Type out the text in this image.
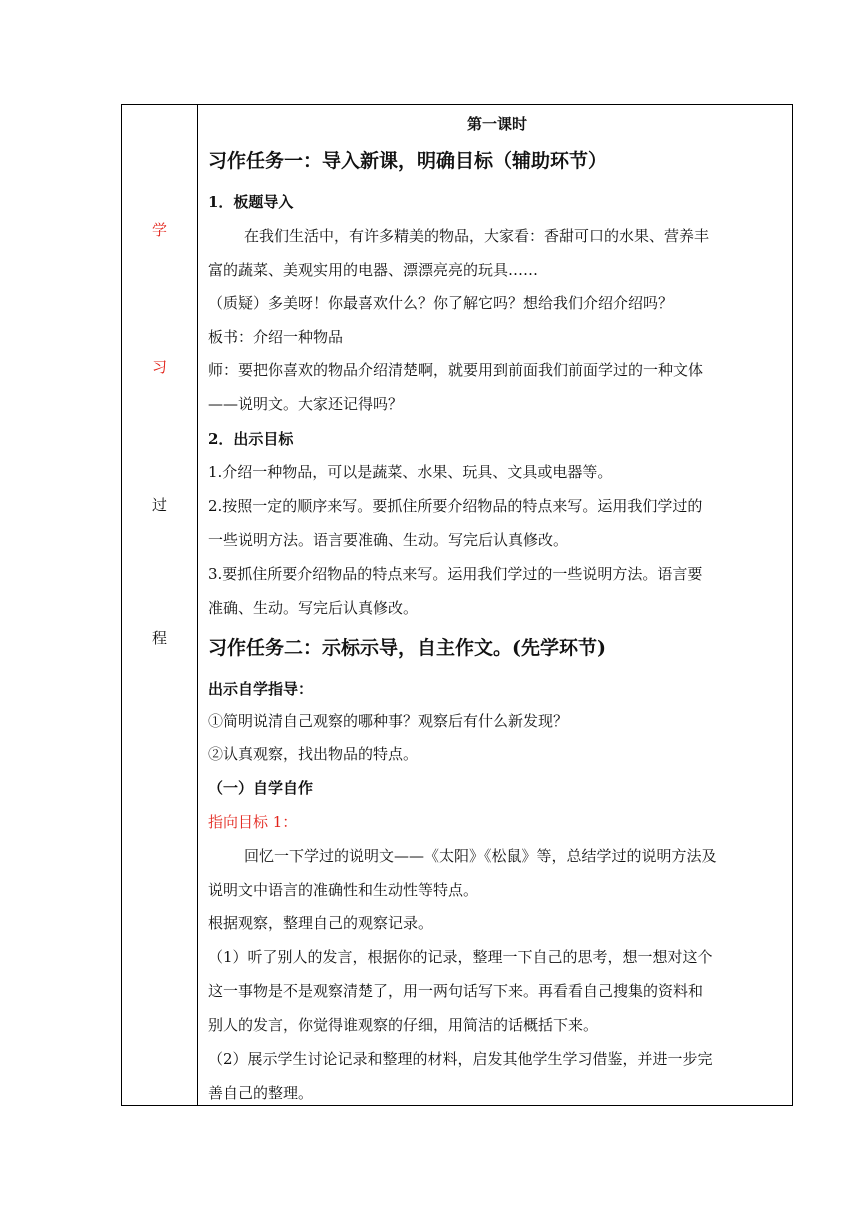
学
习
过
程
第一课时
习作任务一：导入新课，明确目标（辅助环节）
1．板题导入
在我们生活中，有许多精美的物品，大家看：香甜可口的水果、营养丰
富的蔬菜、美观实用的电器、漂漂亮亮的玩具……
（质疑）多美呀！你最喜欢什么？你了解它吗？想给我们介绍介绍吗？
板书：介绍一种物品
师：要把你喜欢的物品介绍清楚啊，就要用到前面我们前面学过的一种文体
——说明文。大家还记得吗？
2．出示目标
1.介绍一种物品，可以是蔬菜、水果、玩具、文具或电器等。
2.按照一定的顺序来写。要抓住所要介绍物品的特点来写。运用我们学过的
一些说明方法。语言要准确、生动。写完后认真修改。
3.要抓住所要介绍物品的特点来写。运用我们学过的一些说明方法。语言要
准确、生动。写完后认真修改。
习作任务二：示标示导，自主作文。(先学环节)
出示自学指导：
①简明说清自己观察的哪种事？观察后有什么新发现？
②认真观察，找出物品的特点。
（一）自学自作
指向目标 1：
回忆一下学过的说明文——《太阳》《松鼠》等，总结学过的说明方法及
说明文中语言的准确性和生动性等特点。
根据观察，整理自己的观察记录。
（1）听了别人的发言，根据你的记录，整理一下自己的思考，想一想对这个
这一事物是不是观察清楚了，用一两句话写下来。再看看自己搜集的资料和
别人的发言，你觉得谁观察的仔细，用简洁的话概括下来。
（2）展示学生讨论记录和整理的材料，启发其他学生学习借鉴，并进一步完
善自己的整理。
